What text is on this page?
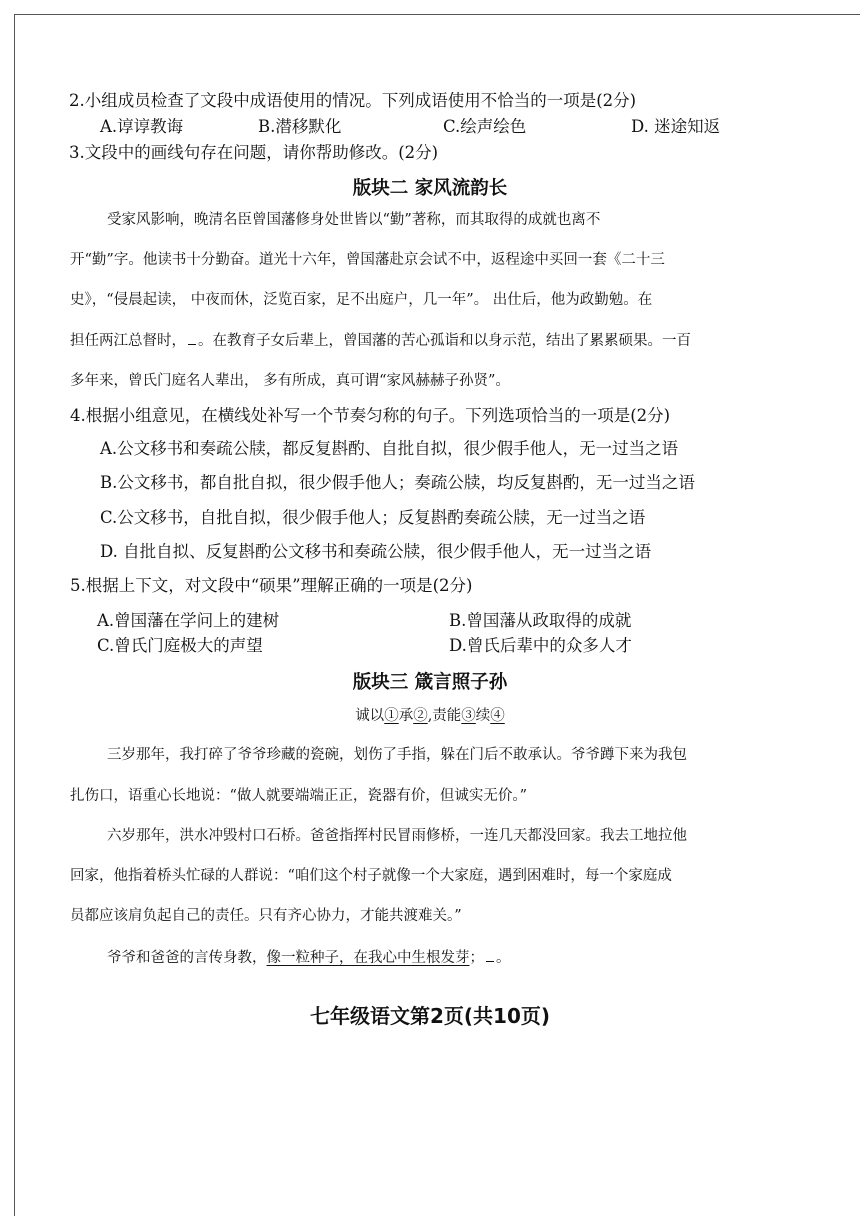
2.小组成员检查了文段中成语使用的情况。下列成语使用不恰当的一项是(2分)
A.谆谆教诲	B.潜移默化	C.绘声绘色	D. 迷途知返
3.文段中的画线句存在问题，请你帮助修改。(2分)
版块二 家风流韵长
受家风影响，晚清名臣曾国藩修身处世皆以“勤”著称，而其取得的成就也离不
开“勤”字。他读书十分勤奋。道光十六年，曾国藩赴京会试不中，返程途中买回一套《二十三
史》，“侵晨起读， 中夜而休，泛览百家，足不出庭户，几一年”。 出仕后，他为政勤勉。在
担任两江总督时， 。在教育子女后辈上，曾国藩的苦心孤诣和以身示范，结出了累累硕果。一百
多年来，曾氏门庭名人辈出， 多有所成，真可谓“家风赫赫子孙贤”。
4.根据小组意见，在横线处补写一个节奏匀称的句子。下列选项恰当的一项是(2分)
A.公文移书和奏疏公牍，都反复斟酌、自批自拟，很少假手他人，无一过当之语
B.公文移书，都自批自拟，很少假手他人；奏疏公牍，均反复斟酌，无一过当之语
C.公文移书，自批自拟，很少假手他人；反复斟酌奏疏公牍，无一过当之语
D. 自批自拟、反复斟酌公文移书和奏疏公牍，很少假手他人，无一过当之语
5.根据上下文，对文段中“硕果”理解正确的一项是(2分)
A.曾国藩在学问上的建树	B.曾国藩从政取得的成就
C.曾氏门庭极大的声望	D.曾氏后辈中的众多人才
版块三 箴言照子孙
诚以①承②,责能③续④
三岁那年，我打碎了爷爷珍藏的瓷碗，划伤了手指，躲在门后不敢承认。爷爷蹲下来为我包
扎伤口，语重心长地说：“做人就要端端正正，瓷器有价，但诚实无价。”
六岁那年，洪水冲毁村口石桥。爸爸指挥村民冒雨修桥，一连几天都没回家。我去工地拉他
回家，他指着桥头忙碌的人群说：“咱们这个村子就像一个大家庭，遇到困难时，每一个家庭成
员都应该肩负起自己的责任。只有齐心协力，才能共渡难关。”
爷爷和爸爸的言传身教，像一粒种子，在我心中生根发芽； 。
七年级语文第2页(共10页)
